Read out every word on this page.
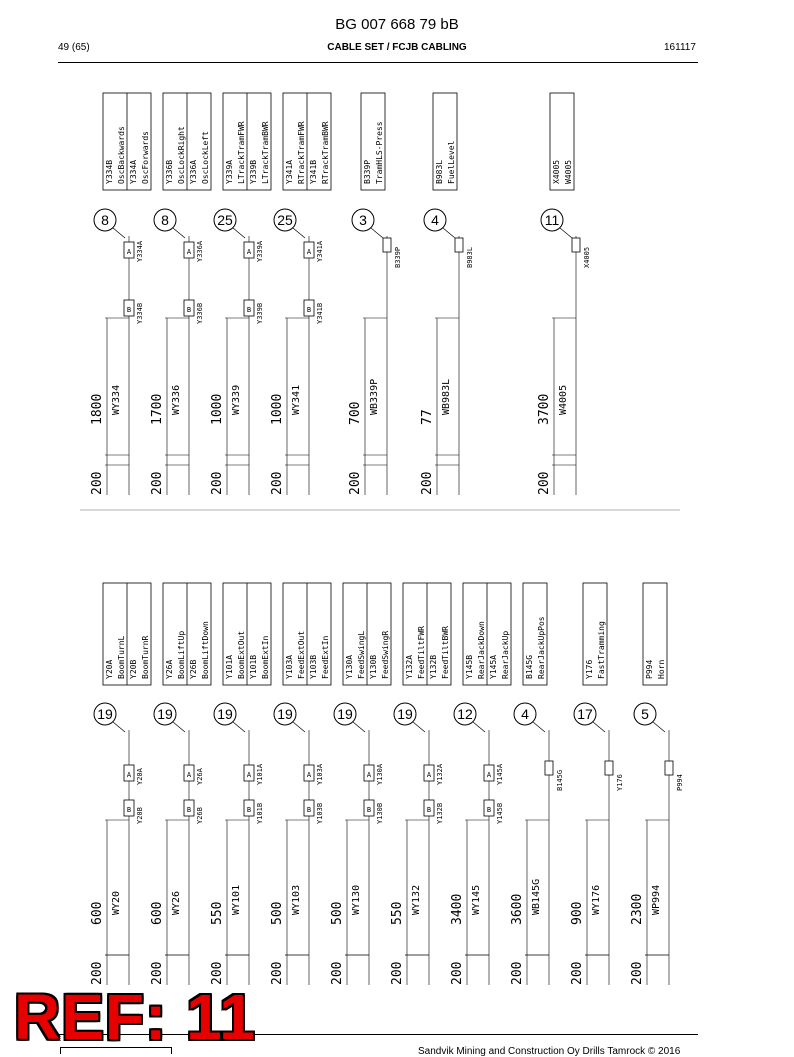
BG 007 668 79 bB
49 (65)	CABLE SET / FCJB CABLING	161117
Y334B OscBackwards Y334A OscForwards
8
A
B
Y334A
Y334B
1800 WY334
200
Y336B OscLockRight Y336A OscLockLeft
8
A
B
Y336A
Y336B
1700 WY336
200
Y339A LTrackTramFWR Y339B LTrackTramBWR
25
A
B
Y339A
Y339B
1000 WY339
200
Y341A RTrackTramFWR Y341B RTrackTramBWR
25
A
B
Y341A
Y341B
1000 WY341
200
B339P TramHLS-Press
3
B339P
700 WB339P
200
B983L FuelLevel
4
B983L
77
WB983L
200
X4005 W4005
11
X4005
3700 W4005
200
Y20A BoomTurnL Y20B BoomTurnR
19
A
B
Y20A
Y20B
600 WY20
200
Y26A BoomLiftUp Y26B BoomLiftDown
19
A
B
Y26A
Y26B
600 WY26
200
Y101A BoomExtOut Y101B BoomExtIn
19
A
B
Y101A
Y101B
550 WY101
200
Y103A FeedExtOut Y103B FeedExtIn
19
A
B
Y103A
Y103B
500 WY103
200
Y130A FeedSwingL Y130B FeedSwingR
19
A
B
Y130A
Y130B
500 WY130
200
Y132A FeedTiltFWR Y132B FeedTiltBWR
19
A
B
Y132A
Y132B
550 WY132
200
Y145B RearJackDown Y145A RearJackUp
12
A
B
Y145A
Y145B
3400 WY145
200
B145G RearJackUpPos
4
B145G
3600 WB145G
200
Y176 FastTramming
17
Y176
900 WY176
200
P994 Horn
5
P994
2300 WP994
200
Sandvik Mining and Construction Oy Drills Tamrock © 2016
REF: 11
